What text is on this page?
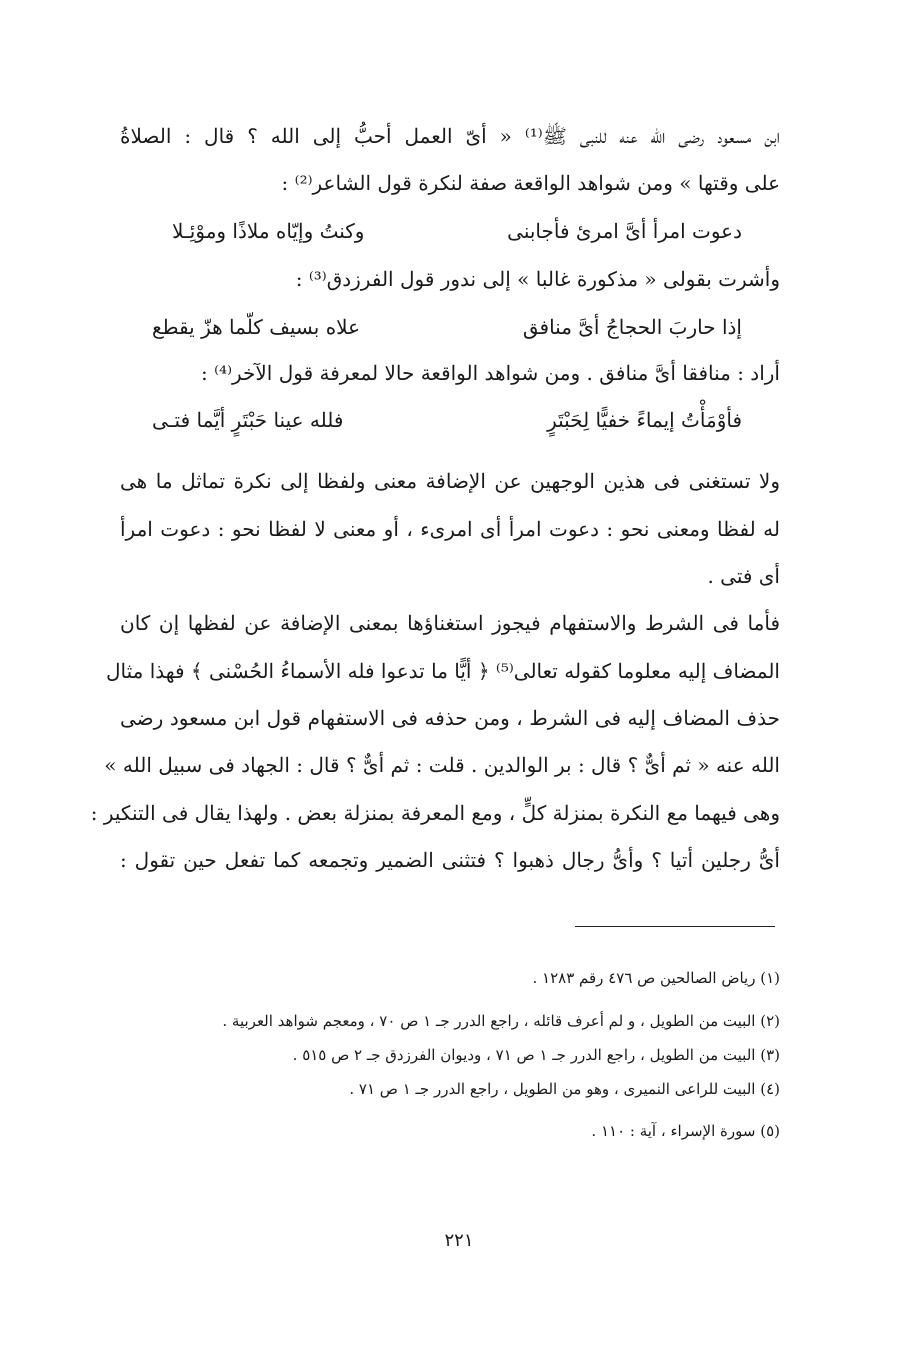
ابن مسعود رضى الله عنه للنبى ﷺ⁽¹⁾ « أىّ العمل أحبُّ إلى الله ؟ قال : الصلاةُ
على وقتها » ومن شواهد الواقعة صفة لنكرة قول الشاعر⁽²⁾ :
دعوت امرأ أىَّ امرئ فأجابنى
وكنتُ وإيّاه ملاذًا وموْئِـلا
وأشرت بقولى « مذكورة غالبا » إلى ندور قول الفرزدق⁽³⁾ :
إذا حاربَ الحجاجُ أىَّ منافق
علاه بسيف كلّما هزّ يقطع
أراد : منافقا أىَّ منافق . ومن شواهد الواقعة حالا لمعرفة قول الآخر⁽⁴⁾ :
فأوْمَأْتُ إيماءً خفيًّا لِحَبْتَرٍ
فلله عينا حَبْتَرٍ أيَّما فتـى
ولا تستغنى فى هذين الوجهين عن الإضافة معنى ولفظا إلى نكرة تماثل ما هى
له لفظا ومعنى نحو : دعوت امرأ أى امرىء ، أو معنى لا لفظا نحو : دعوت امرأ
أى فتى .
فأما فى الشرط والاستفهام فيجوز استغناؤها بمعنى الإضافة عن لفظها إن كان
المضاف إليه معلوما كقوله تعالى⁽⁵⁾ ﴿ أيًّا ما تدعوا فله الأسماءُ الحُسْنى ﴾ فهذا مثال
حذف المضاف إليه فى الشرط ، ومن حذفه فى الاستفهام قول ابن مسعود رضى
الله عنه « ثم أىٌّ ؟ قال : بر الوالدين . قلت : ثم أىٌّ ؟ قال : الجهاد فى سبيل الله »
وهى فيهما مع النكرة بمنزلة كلٍّ ، ومع المعرفة بمنزلة بعض . ولهذا يقال فى التنكير :
أىُّ رجلين أتيا ؟ وأىُّ رجال ذهبوا ؟ فتثنى الضمير وتجمعه كما تفعل حين تقول :
(١) رياض الصالحين ص ٤٧٦ رقم ١٢٨٣ .
(٢) البيت من الطويل ، و لم أعرف قائله ، راجع الدرر جـ ١ ص ٧٠ ، ومعجم شواهد العربية .
(٣) البيت من الطويل ، راجع الدرر جـ ١ ص ٧١ ، وديوان الفرزدق جـ ٢ ص ٥١٥ .
(٤) البيت للراعى النميرى ، وهو من الطويل ، راجع الدرر جـ ١ ص ٧١ .
(٥) سورة الإسراء ، آية : ١١٠ .
٢٢١
